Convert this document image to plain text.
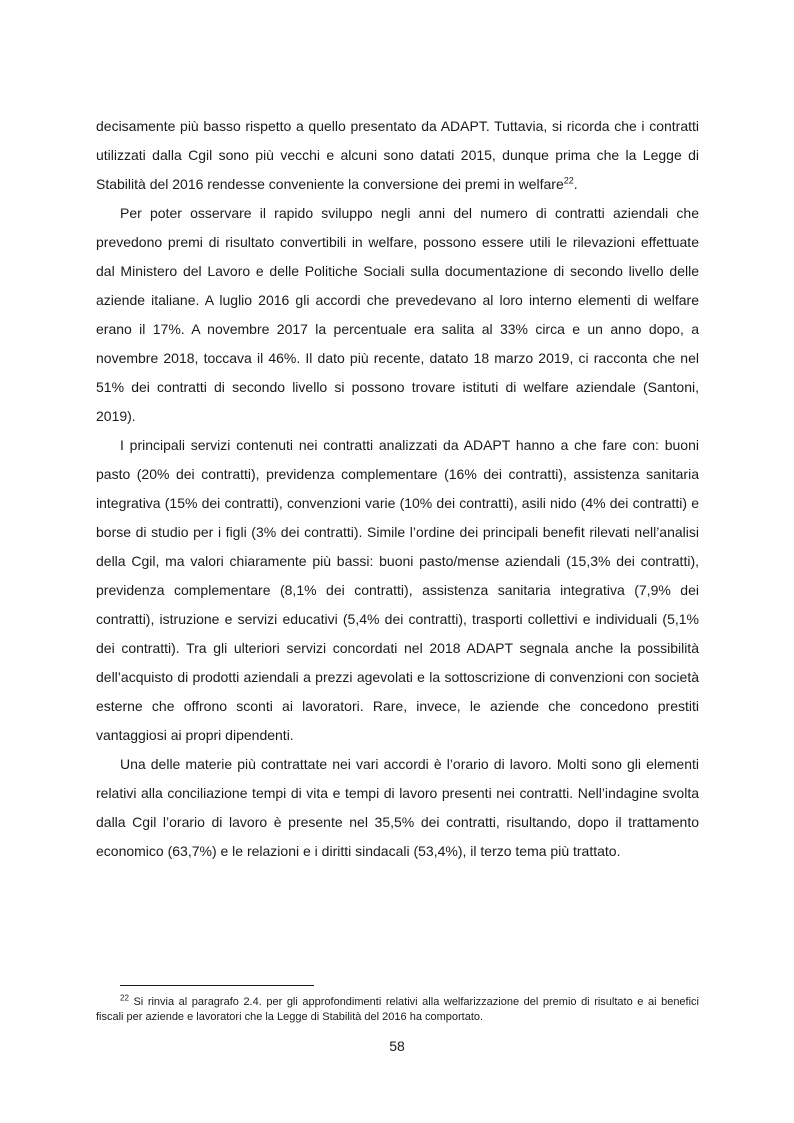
decisamente più basso rispetto a quello presentato da ADAPT. Tuttavia, si ricorda che i contratti utilizzati dalla Cgil sono più vecchi e alcuni sono datati 2015, dunque prima che la Legge di Stabilità del 2016 rendesse conveniente la conversione dei premi in welfare$^{22}$.

Per poter osservare il rapido sviluppo negli anni del numero di contratti aziendali che prevedono premi di risultato convertibili in welfare, possono essere utili le rilevazioni effettuate dal Ministero del Lavoro e delle Politiche Sociali sulla documentazione di secondo livello delle aziende italiane. A luglio 2016 gli accordi che prevedevano al loro interno elementi di welfare erano il 17%. A novembre 2017 la percentuale era salita al 33% circa e un anno dopo, a novembre 2018, toccava il 46%. Il dato più recente, datato 18 marzo 2019, ci racconta che nel 51% dei contratti di secondo livello si possono trovare istituti di welfare aziendale (Santoni, 2019).

I principali servizi contenuti nei contratti analizzati da ADAPT hanno a che fare con: buoni pasto (20% dei contratti), previdenza complementare (16% dei contratti), assistenza sanitaria integrativa (15% dei contratti), convenzioni varie (10% dei contratti), asili nido (4% dei contratti) e borse di studio per i figli (3% dei contratti). Simile l’ordine dei principali benefit rilevati nell’analisi della Cgil, ma valori chiaramente più bassi: buoni pasto/mense aziendali (15,3% dei contratti), previdenza complementare (8,1% dei contratti), assistenza sanitaria integrativa (7,9% dei contratti), istruzione e servizi educativi (5,4% dei contratti), trasporti collettivi e individuali (5,1% dei contratti). Tra gli ulteriori servizi concordati nel 2018 ADAPT segnala anche la possibilità dell’acquisto di prodotti aziendali a prezzi agevolati e la sottoscrizione di convenzioni con società esterne che offrono sconti ai lavoratori. Rare, invece, le aziende che concedono prestiti vantaggiosi ai propri dipendenti.

Una delle materie più contrattate nei vari accordi è l’orario di lavoro. Molti sono gli elementi relativi alla conciliazione tempi di vita e tempi di lavoro presenti nei contratti. Nell’indagine svolta dalla Cgil l’orario di lavoro è presente nel 35,5% dei contratti, risultando, dopo il trattamento economico (63,7%) e le relazioni e i diritti sindacali (53,4%), il terzo tema più trattato.

$^{22}$ Si rinvia al paragrafo 2.4. per gli approfondimenti relativi alla welfarizzazione del premio di risultato e ai benefici fiscali per aziende e lavoratori che la Legge di Stabilità del 2016 ha comportato.

58
